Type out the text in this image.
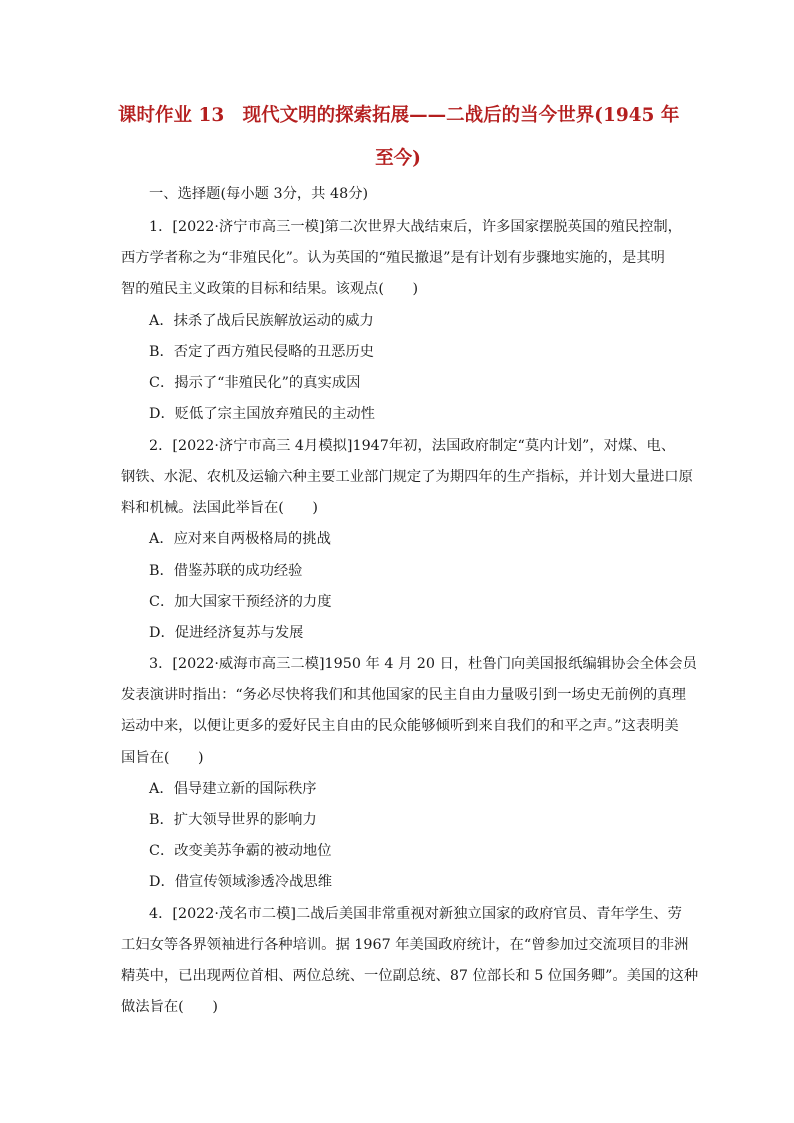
课时作业 13　现代文明的探索拓展——二战后的当今世界(1945 年
至今)
一、选择题(每小题 3分，共 48分)
1．[2022·济宁市高三一模]第二次世界大战结束后，许多国家摆脱英国的殖民控制，
西方学者称之为“非殖民化”。认为英国的“殖民撤退”是有计划有步骤地实施的，是其明
智的殖民主义政策的目标和结果。该观点(　　)
A．抹杀了战后民族解放运动的威力
B．否定了西方殖民侵略的丑恶历史
C．揭示了“非殖民化”的真实成因
D．贬低了宗主国放弃殖民的主动性
2．[2022·济宁市高三 4月模拟]1947年初，法国政府制定“莫内计划”，对煤、电、
钢铁、水泥、农机及运输六种主要工业部门规定了为期四年的生产指标，并计划大量进口原
料和机械。法国此举旨在(　　)
A．应对来自两极格局的挑战
B．借鉴苏联的成功经验
C．加大国家干预经济的力度
D．促进经济复苏与发展
3．[2022·威海市高三二模]1950 年 4 月 20 日，杜鲁门向美国报纸编辑协会全体会员
发表演讲时指出：“务必尽快将我们和其他国家的民主自由力量吸引到一场史无前例的真理
运动中来，以便让更多的爱好民主自由的民众能够倾听到来自我们的和平之声。”这表明美
国旨在(　　)
A．倡导建立新的国际秩序
B．扩大领导世界的影响力
C．改变美苏争霸的被动地位
D．借宣传领域渗透冷战思维
4．[2022·茂名市二模]二战后美国非常重视对新独立国家的政府官员、青年学生、劳
工妇女等各界领袖进行各种培训。据 1967 年美国政府统计，在“曾参加过交流项目的非洲
精英中，已出现两位首相、两位总统、一位副总统、87 位部长和 5 位国务卿”。美国的这种
做法旨在(　　)
